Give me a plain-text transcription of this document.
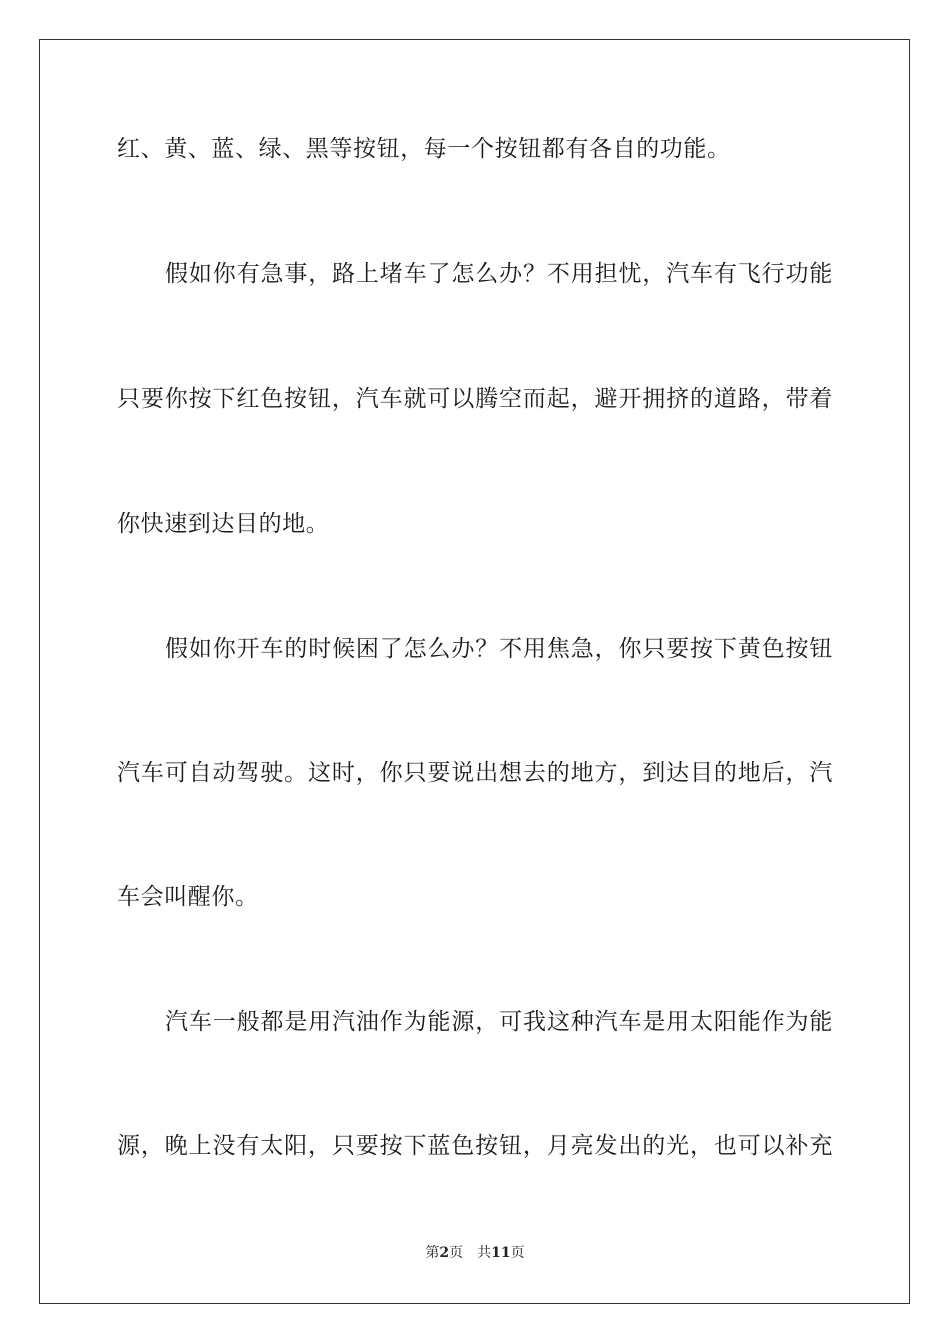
红、黄、蓝、绿、黑等按钮，每一个按钮都有各自的功能。
假如你有急事，路上堵车了怎么办？不用担忧，汽车有飞行功能
只要你按下红色按钮，汽车就可以腾空而起，避开拥挤的道路，带着
你快速到达目的地。
假如你开车的时候困了怎么办？不用焦急，你只要按下黄色按钮
汽车可自动驾驶。这时，你只要说出想去的地方，到达目的地后，汽
车会叫醒你。
汽车一般都是用汽油作为能源，可我这种汽车是用太阳能作为能
源，晚上没有太阳，只要按下蓝色按钮，月亮发出的光，也可以补充
第2页 共11页
